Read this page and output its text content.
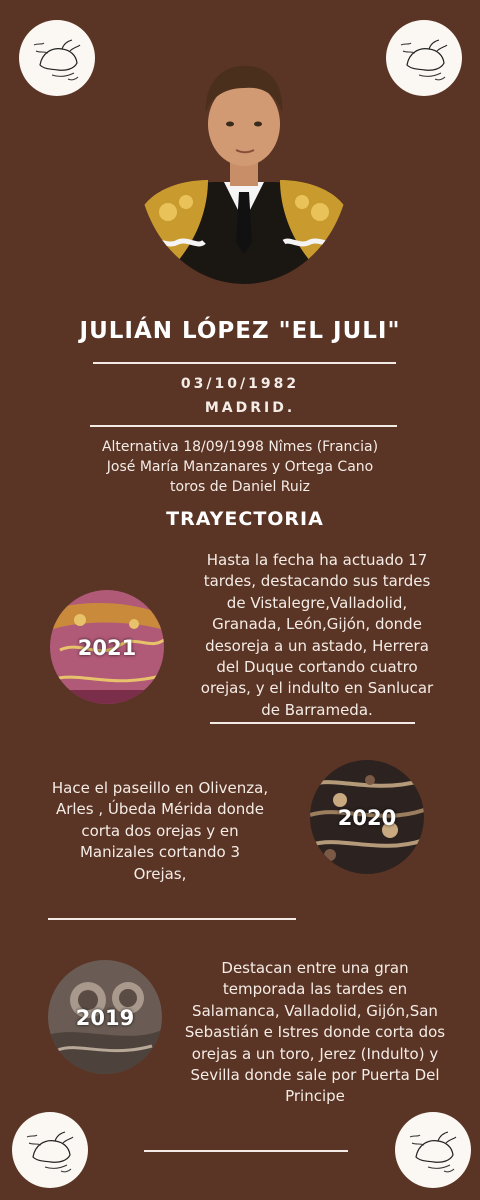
JULIÁN LÓPEZ "EL JULI"
03/10/1982
MADRID.
Alternativa 18/09/1998 Nîmes (Francia)
José María Manzanares y Ortega Cano
toros de Daniel Ruiz
TRAYECTORIA
2021
Hasta la fecha ha actuado 17
tardes, destacando sus tardes
de Vistalegre,Valladolid,
Granada, León,Gijón, donde
desoreja a un astado, Herrera
del Duque cortando cuatro
orejas, y el indulto en Sanlucar
de Barrameda.
Hace el paseillo en Olivenza,
Arles , Úbeda Mérida donde
corta dos orejas y en
Manizales cortando 3
Orejas,
2020
2019
Destacan entre una gran
temporada las tardes en
Salamanca, Valladolid, Gijón,San
Sebastián e Istres donde corta dos
orejas a un toro, Jerez (Indulto) y
Sevilla donde sale por Puerta Del
Principe
